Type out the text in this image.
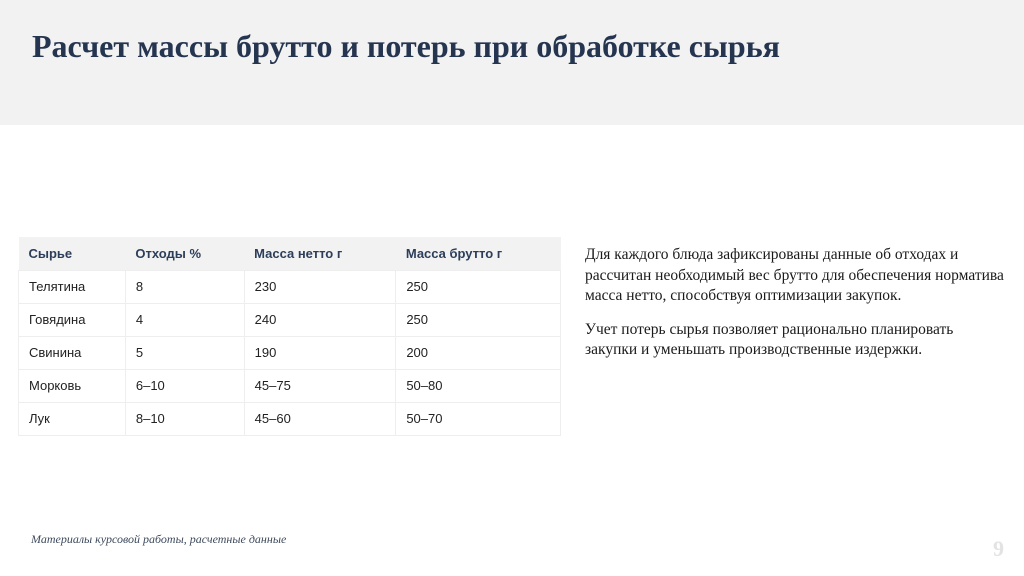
Расчет массы брутто и потерь при обработке сырья
Сырье	Отходы %	Масса нетто г	Масса брутто г
Телятина	8	230	250
Говядина	4	240	250
Свинина	5	190	200
Морковь	6–10	45–75	50–80
Лук	8–10	45–60	50–70

Для каждого блюда зафиксированы данные об отходах и рассчитан необходимый вес брутто для обеспечения норматива масса нетто, способствуя оптимизации закупок.

Учет потерь сырья позволяет рационально планировать закупки и уменьшать производственные издержки.

Материалы курсовой работы, расчетные данные	9
